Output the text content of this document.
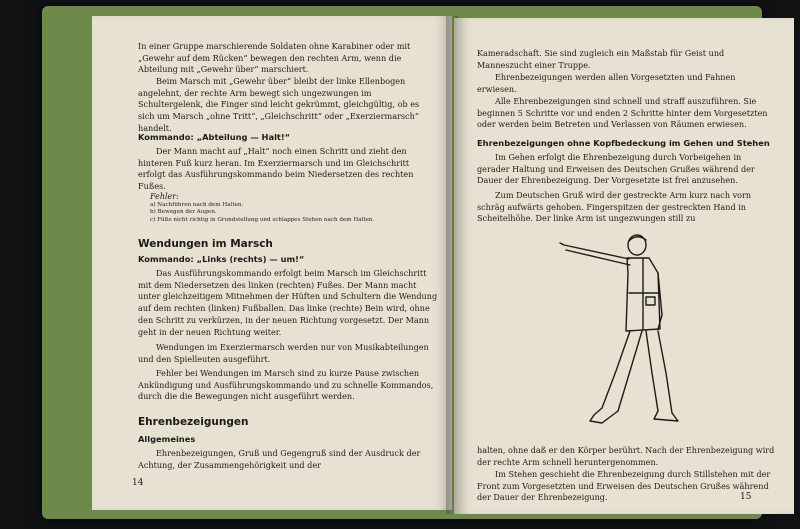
In einer Gruppe marschierende Soldaten ohne Karabiner oder mit „Gewehr auf dem Rücken“ bewegen den rechten Arm, wenn die Abteilung mit „Gewehr über“ marschiert.

Beim Marsch mit „Gewehr über“ bleibt der linke Ellenbogen angelehnt, der rechte Arm bewegt sich ungezwungen im Schultergelenk, die Finger sind leicht gekrümmt, gleichgültig, ob es sich um Marsch „ohne Tritt“, „Gleichschritt“ oder „Exerziermarsch“ handelt.

Kommando: „Abteilung — Halt!“

Der Mann macht auf „Halt“ noch einen Schritt und zieht den hinteren Fuß kurz heran. Im Exerziermarsch und im Gleichschritt erfolgt das Ausführungskommando beim Niedersetzen des rechten Fußes.

Fehler:
a) Nachführen nach dem Halten.
b) Bewegen der Augen.
c) Füße nicht richtig in Grundstellung und schlappes Stehen nach dem Halten.
Wendungen im Marsch
Kommando: „Links (rechts) — um!“

Das Ausführungskommando erfolgt beim Marsch im Gleichschritt mit dem Niedersetzen des linken (rechten) Fußes. Der Mann macht unter gleichzeitigem Mitnehmen der Hüften und Schultern die Wendung auf dem rechten (linken) Fußballen. Das linke (rechte) Bein wird, ohne den Schritt zu verkürzen, in der neuen Richtung vorgesetzt. Der Mann geht in der neuen Richtung weiter.

Wendungen im Exerziermarsch werden nur von Musikabteilungen und den Spielleuten ausgeführt.

Fehler bei Wendungen im Marsch sind zu kurze Pause zwischen Ankündigung und Ausführungskommando und zu schnelle Kommandos, durch die die Bewegungen nicht ausgeführt werden.

Ehrenbezeigungen
Allgemeines

Ehrenbezeigungen, Gruß und Gegengruß sind der Ausdruck der Achtung, der Zusammengehörigkeit und der

14

Kameradschaft. Sie sind zugleich ein Maßstab für Geist und Manneszucht einer Truppe.

Ehrenbezeigungen werden allen Vorgesetzten und Fahnen erwiesen.

Alle Ehrenbezeigungen sind schnell und straff auszuführen. Sie beginnen 5 Schritte vor und enden 2 Schritte hinter dem Vorgesetzten oder werden beim Betreten und Verlassen von Räumen erwiesen.

Ehrenbezeigungen ohne Kopfbedeckung im Gehen und Stehen

Im Gehen erfolgt die Ehrenbezeigung durch Vorbeigehen in gerader Haltung und Erweisen des Deutschen Grußes während der Dauer der Ehrenbezeigung. Der Vorgesetzte ist frei anzusehen.

Zum Deutschen Gruß wird der gestreckte Arm kurz nach vorn schräg aufwärts gehoben. Fingerspitzen der gestreckten Hand in Scheitelhöhe. Der linke Arm ist ungezwungen still zu

halten, ohne daß er den Körper berührt. Nach der Ehrenbezeigung wird der rechte Arm schnell heruntergenommen.

Im Stehen geschieht die Ehrenbezeigung durch Stillstehen mit der Front zum Vorgesetzten und Erweisen des Deutschen Grußes während der Dauer der Ehrenbezeigung.	15
